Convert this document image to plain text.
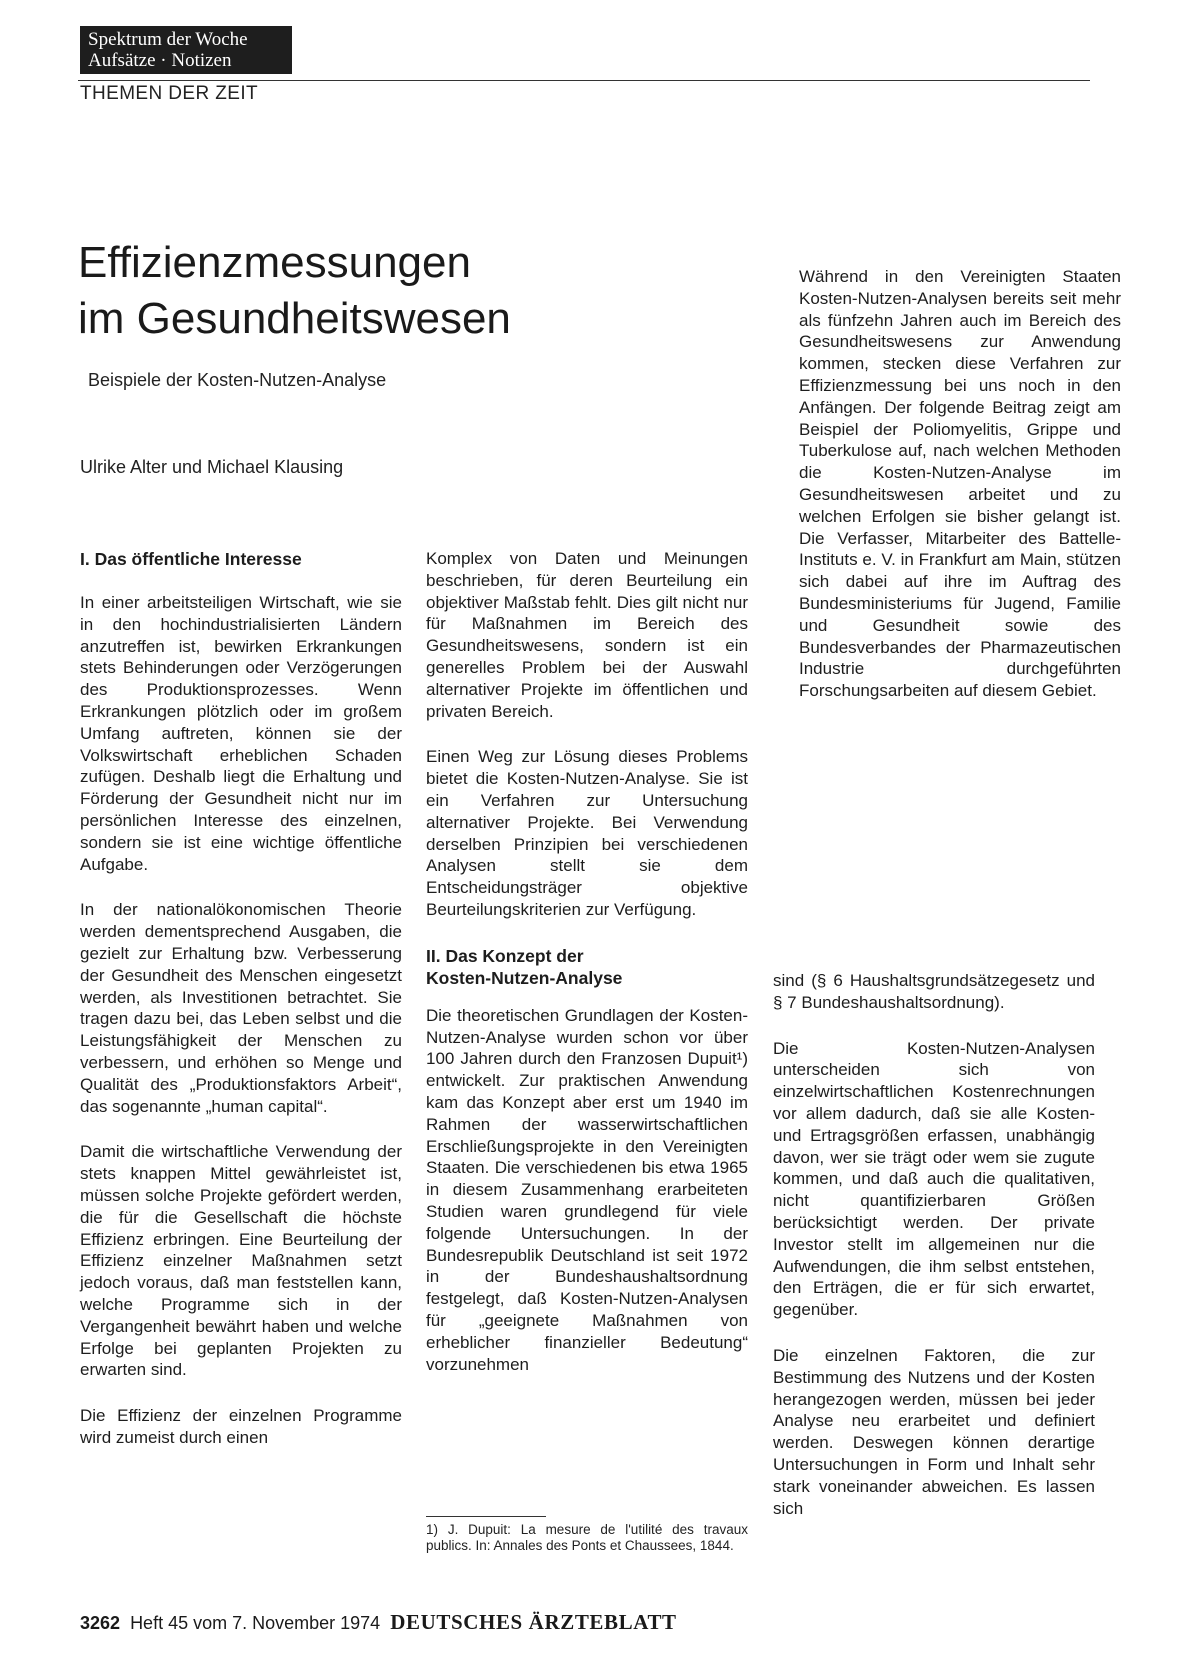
Spektrum der Woche
Aufsätze · Notizen
THEMEN DER ZEIT
Effizienzmessungen
im Gesundheitswesen
Beispiele der Kosten-Nutzen-Analyse
Ulrike Alter und Michael Klausing

Während in den Vereinigten Staaten Kosten-Nutzen-Analysen bereits seit mehr als fünfzehn Jahren auch im Bereich des Gesundheitswesens zur Anwendung kommen, stecken diese Verfahren zur Effizienzmessung bei uns noch in den Anfängen. Der folgende Beitrag zeigt am Beispiel der Poliomyelitis, Grippe und Tuberkulose auf, nach welchen Methoden die Kosten-Nutzen-Analyse im Gesundheitswesen arbeitet und zu welchen Erfolgen sie bisher gelangt ist. Die Verfasser, Mitarbeiter des Battelle-Instituts e. V. in Frankfurt am Main, stützen sich dabei auf ihre im Auftrag des Bundesministeriums für Jugend, Familie und Gesundheit sowie des Bundesverbandes der Pharmazeutischen Industrie durchgeführten Forschungsarbeiten auf diesem Gebiet.

I. Das öffentliche Interesse

In einer arbeitsteiligen Wirtschaft, wie sie in den hochindustrialisierten Ländern anzutreffen ist, bewirken Erkrankungen stets Behinderungen oder Verzögerungen des Produktionsprozesses. Wenn Erkrankungen plötzlich oder im großem Umfang auftreten, können sie der Volkswirtschaft erheblichen Schaden zufügen. Deshalb liegt die Erhaltung und Förderung der Gesundheit nicht nur im persönlichen Interesse des einzelnen, sondern sie ist eine wichtige öffentliche Aufgabe.

In der nationalökonomischen Theorie werden dementsprechend Ausgaben, die gezielt zur Erhaltung bzw. Verbesserung der Gesundheit des Menschen eingesetzt werden, als Investitionen betrachtet. Sie tragen dazu bei, das Leben selbst und die Leistungsfähigkeit der Menschen zu verbessern, und erhöhen so Menge und Qualität des „Produktionsfaktors Arbeit“, das sogenannte „human capital“.

Damit die wirtschaftliche Verwendung der stets knappen Mittel gewährleistet ist, müssen solche Projekte gefördert werden, die für die Gesellschaft die höchste Effizienz erbringen. Eine Beurteilung der Effizienz einzelner Maßnahmen setzt jedoch voraus, daß man feststellen kann, welche Programme sich in der Vergangenheit bewährt haben und welche Erfolge bei geplanten Projekten zu erwarten sind.

Die Effizienz der einzelnen Programme wird zumeist durch einen

Komplex von Daten und Meinungen beschrieben, für deren Beurteilung ein objektiver Maßstab fehlt. Dies gilt nicht nur für Maßnahmen im Bereich des Gesundheitswesens, sondern ist ein generelles Problem bei der Auswahl alternativer Projekte im öffentlichen und privaten Bereich.

Einen Weg zur Lösung dieses Problems bietet die Kosten-Nutzen-Analyse. Sie ist ein Verfahren zur Untersuchung alternativer Projekte. Bei Verwendung derselben Prinzipien bei verschiedenen Analysen stellt sie dem Entscheidungsträger objektive Beurteilungskriterien zur Verfügung.

II. Das Konzept der
Kosten-Nutzen-Analyse

Die theoretischen Grundlagen der Kosten-Nutzen-Analyse wurden schon vor über 100 Jahren durch den Franzosen Dupuit¹) entwickelt. Zur praktischen Anwendung kam das Konzept aber erst um 1940 im Rahmen der wasserwirtschaftlichen Erschließungsprojekte in den Vereinigten Staaten. Die verschiedenen bis etwa 1965 in diesem Zusammenhang erarbeiteten Studien waren grundlegend für viele folgende Untersuchungen. In der Bundesrepublik Deutschland ist seit 1972 in der Bundeshaushaltsordnung festgelegt, daß Kosten-Nutzen-Analysen für „geeignete Maßnahmen von erheblicher finanzieller Bedeutung“ vorzunehmen

1) J. Dupuit: La mesure de l'utilité des travaux publics. In: Annales des Ponts et Chaussees, 1844.

sind (§ 6 Haushaltsgrundsätzegesetz und § 7 Bundeshaushaltsordnung).

Die Kosten-Nutzen-Analysen unterscheiden sich von einzelwirtschaftlichen Kostenrechnungen vor allem dadurch, daß sie alle Kosten- und Ertragsgrößen erfassen, unabhängig davon, wer sie trägt oder wem sie zugute kommen, und daß auch die qualitativen, nicht quantifizierbaren Größen berücksichtigt werden. Der private Investor stellt im allgemeinen nur die Aufwendungen, die ihm selbst entstehen, den Erträgen, die er für sich erwartet, gegenüber.

Die einzelnen Faktoren, die zur Bestimmung des Nutzens und der Kosten herangezogen werden, müssen bei jeder Analyse neu erarbeitet und definiert werden. Deswegen können derartige Untersuchungen in Form und Inhalt sehr stark voneinander abweichen. Es lassen sich

3262 Heft 45 vom 7. November 1974 DEUTSCHES ÄRZTEBLATT
